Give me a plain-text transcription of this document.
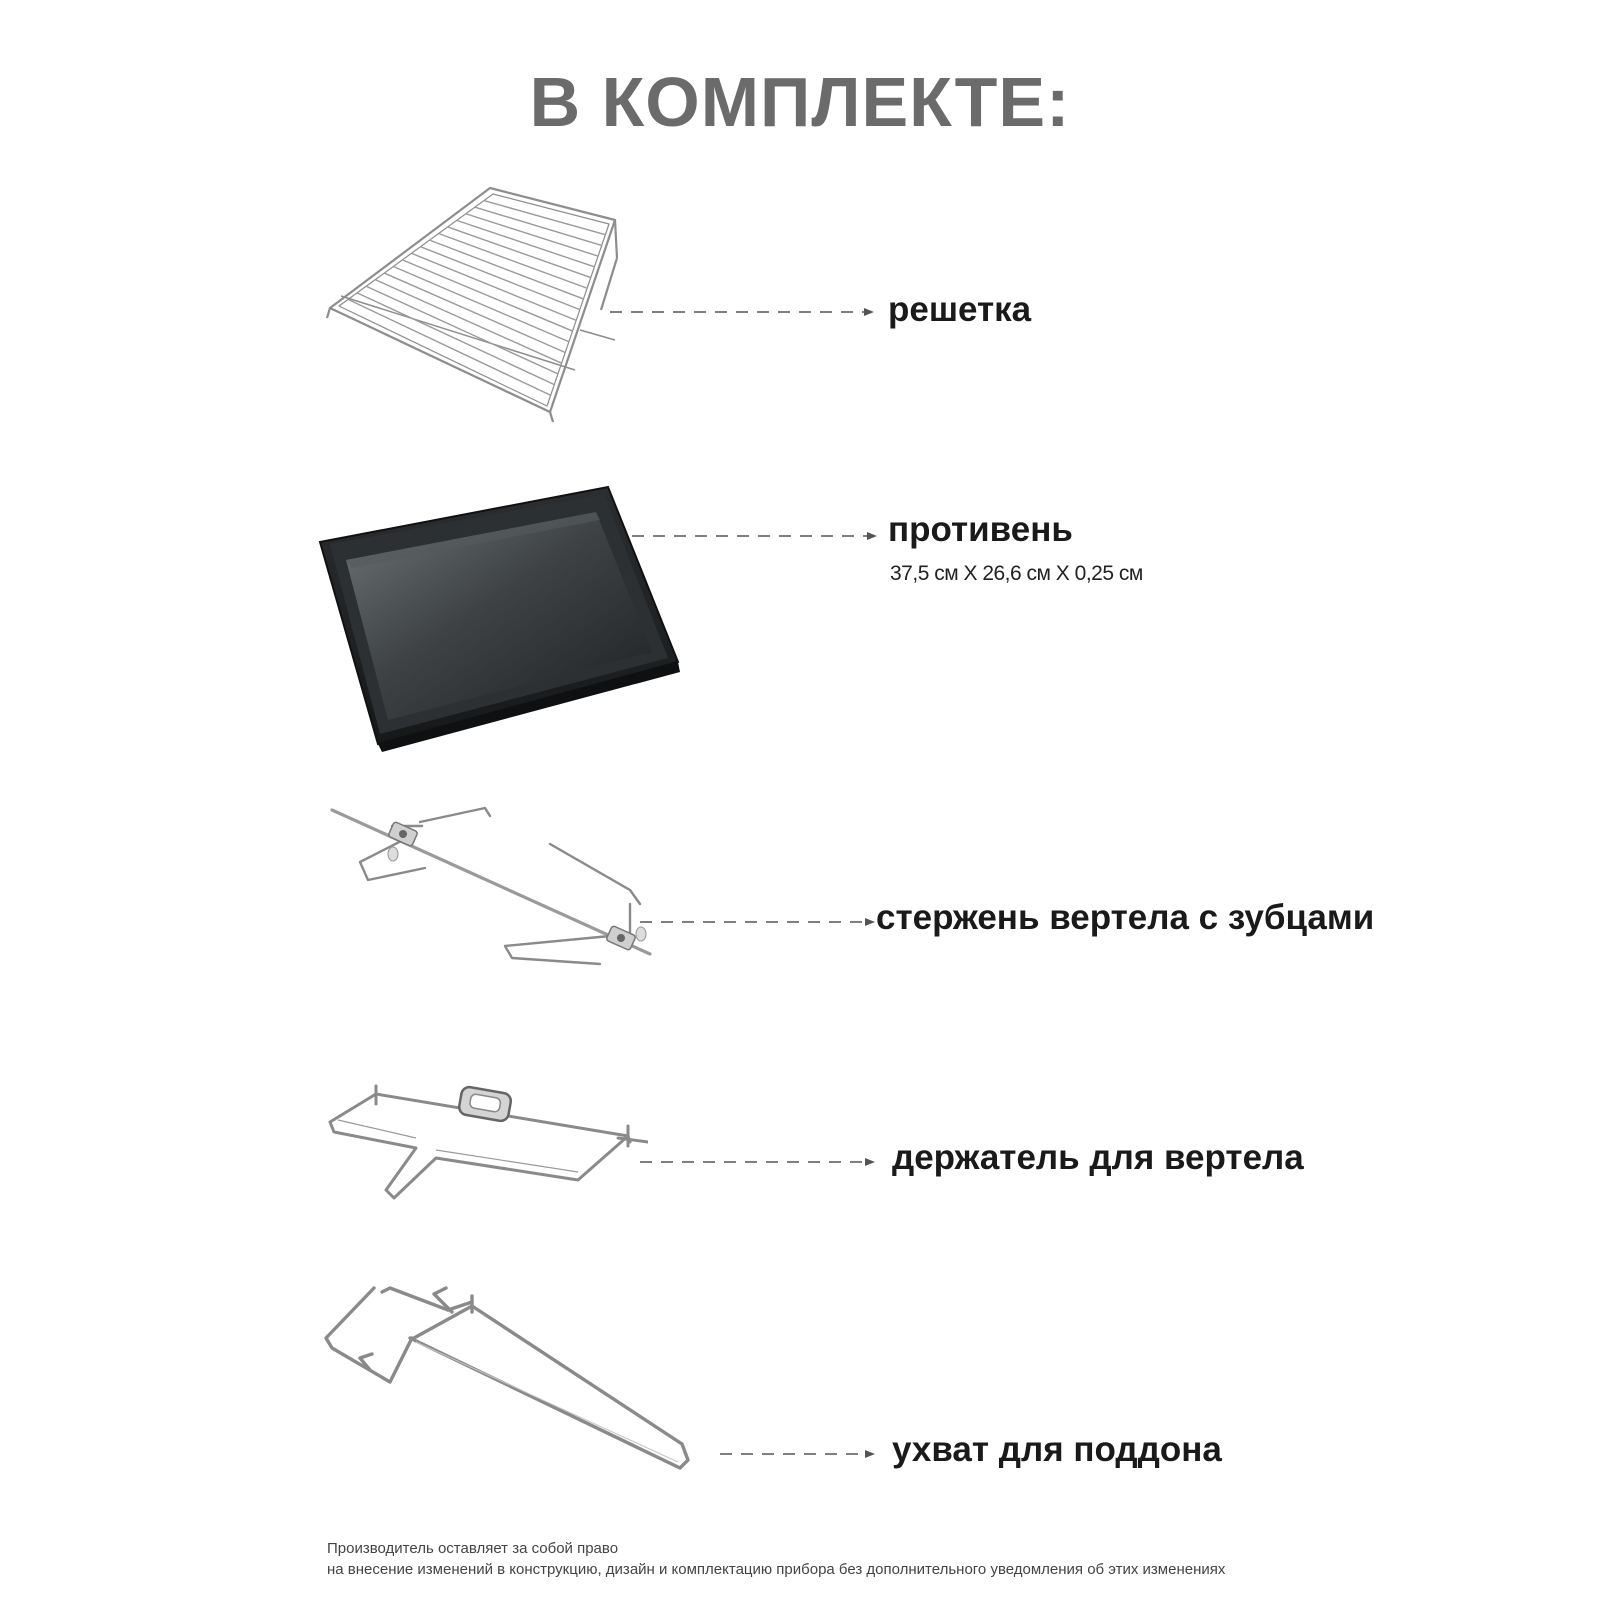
В КОМПЛЕКТЕ:
решетка
противень
37,5 см X 26,6 см X 0,25 см
стержень вертела с зубцами
держатель для вертела
ухват для поддона
Производитель оставляет за собой право
на внесение изменений в конструкцию, дизайн и комплектацию прибора без дополнительного уведомления об этих изменениях
